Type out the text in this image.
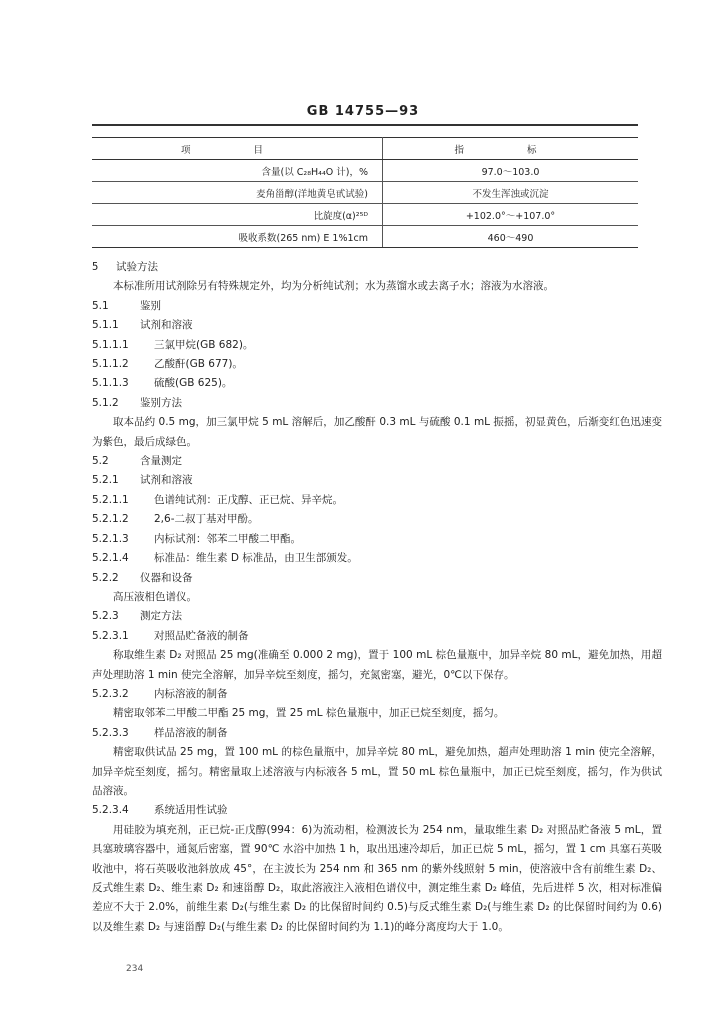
GB 14755—93
项 目	指 标
含量(以 C₂₈H₄₄O 计)，%	97.0～103.0
麦角甾醇(洋地黄皂甙试验)	不发生浑浊或沉淀
比旋度(α)²⁵ᴰ	+102.0°～+107.0°
吸收系数(265 nm) E 1%1cm	460～490
5 试验方法
本标准所用试剂除另有特殊规定外，均为分析纯试剂；水为蒸馏水或去离子水；溶液为水溶液。
5.1	鉴别
5.1.1 试剂和溶液
5.1.1.1 三氯甲烷(GB 682)。
5.1.1.2 乙酸酐(GB 677)。
5.1.1.3 硫酸(GB 625)。
5.1.2 鉴别方法
取本品约 0.5 mg，加三氯甲烷 5 mL 溶解后，加乙酸酐 0.3 mL 与硫酸 0.1 mL 振摇，初显黄色，后渐变红色迅速变为紫色，最后成绿色。
5.2	含量测定
5.2.1 试剂和溶液
5.2.1.1 色谱纯试剂：正戊醇、正已烷、异辛烷。
5.2.1.2 2,6-二叔丁基对甲酚。
5.2.1.3 内标试剂：邻苯二甲酸二甲酯。
5.2.1.4 标准品：维生素 D 标准品，由卫生部颁发。
5.2.2 仪器和设备
高压液相色谱仪。
5.2.3 测定方法
5.2.3.1 对照品贮备液的制备
称取维生素 D₂ 对照品 25 mg(准确至 0.000 2 mg)，置于 100 mL 棕色量瓶中，加异辛烷 80 mL，避免加热，用超声处理助溶 1 min 使完全溶解，加异辛烷至刻度，摇匀，充氮密塞，避光，0℃以下保存。
5.2.3.2 内标溶液的制备
精密取邻苯二甲酸二甲酯 25 mg，置 25 mL 棕色量瓶中，加正已烷至刻度，摇匀。
5.2.3.3 样品溶液的制备
精密取供试品 25 mg，置 100 mL 的棕色量瓶中，加异辛烷 80 mL，避免加热，超声处理助溶 1 min 使完全溶解，加异辛烷至刻度，摇匀。精密量取上述溶液与内标液各 5 mL，置 50 mL 棕色量瓶中，加正已烷至刻度，摇匀，作为供试品溶液。
5.2.3.4 系统适用性试验
用硅胶为填充剂，正已烷-正戊醇(994：6)为流动相，检测波长为 254 nm，量取维生素 D₂ 对照品贮备液 5 mL，置具塞玻璃容器中，通氮后密塞，置 90℃ 水浴中加热 1 h，取出迅速冷却后，加正已烷 5 mL，摇匀，置 1 cm 具塞石英吸收池中，将石英吸收池斜放成 45°，在主波长为 254 nm 和 365 nm 的紫外线照射 5 min，使溶液中含有前维生素 D₂、反式维生素 D₂、维生素 D₂ 和速甾醇 D₂，取此溶液注入液相色谱仪中，测定维生素 D₂ 峰值，先后进样 5 次，相对标准偏差应不大于 2.0%，前维生素 D₂(与维生素 D₂ 的比保留时间约 0.5)与反式维生素 D₂(与维生素 D₂ 的比保留时间约为 0.6)以及维生素 D₂ 与速甾醇 D₂(与维生素 D₂ 的比保留时间约为 1.1)的峰分离度均大于 1.0。
234
